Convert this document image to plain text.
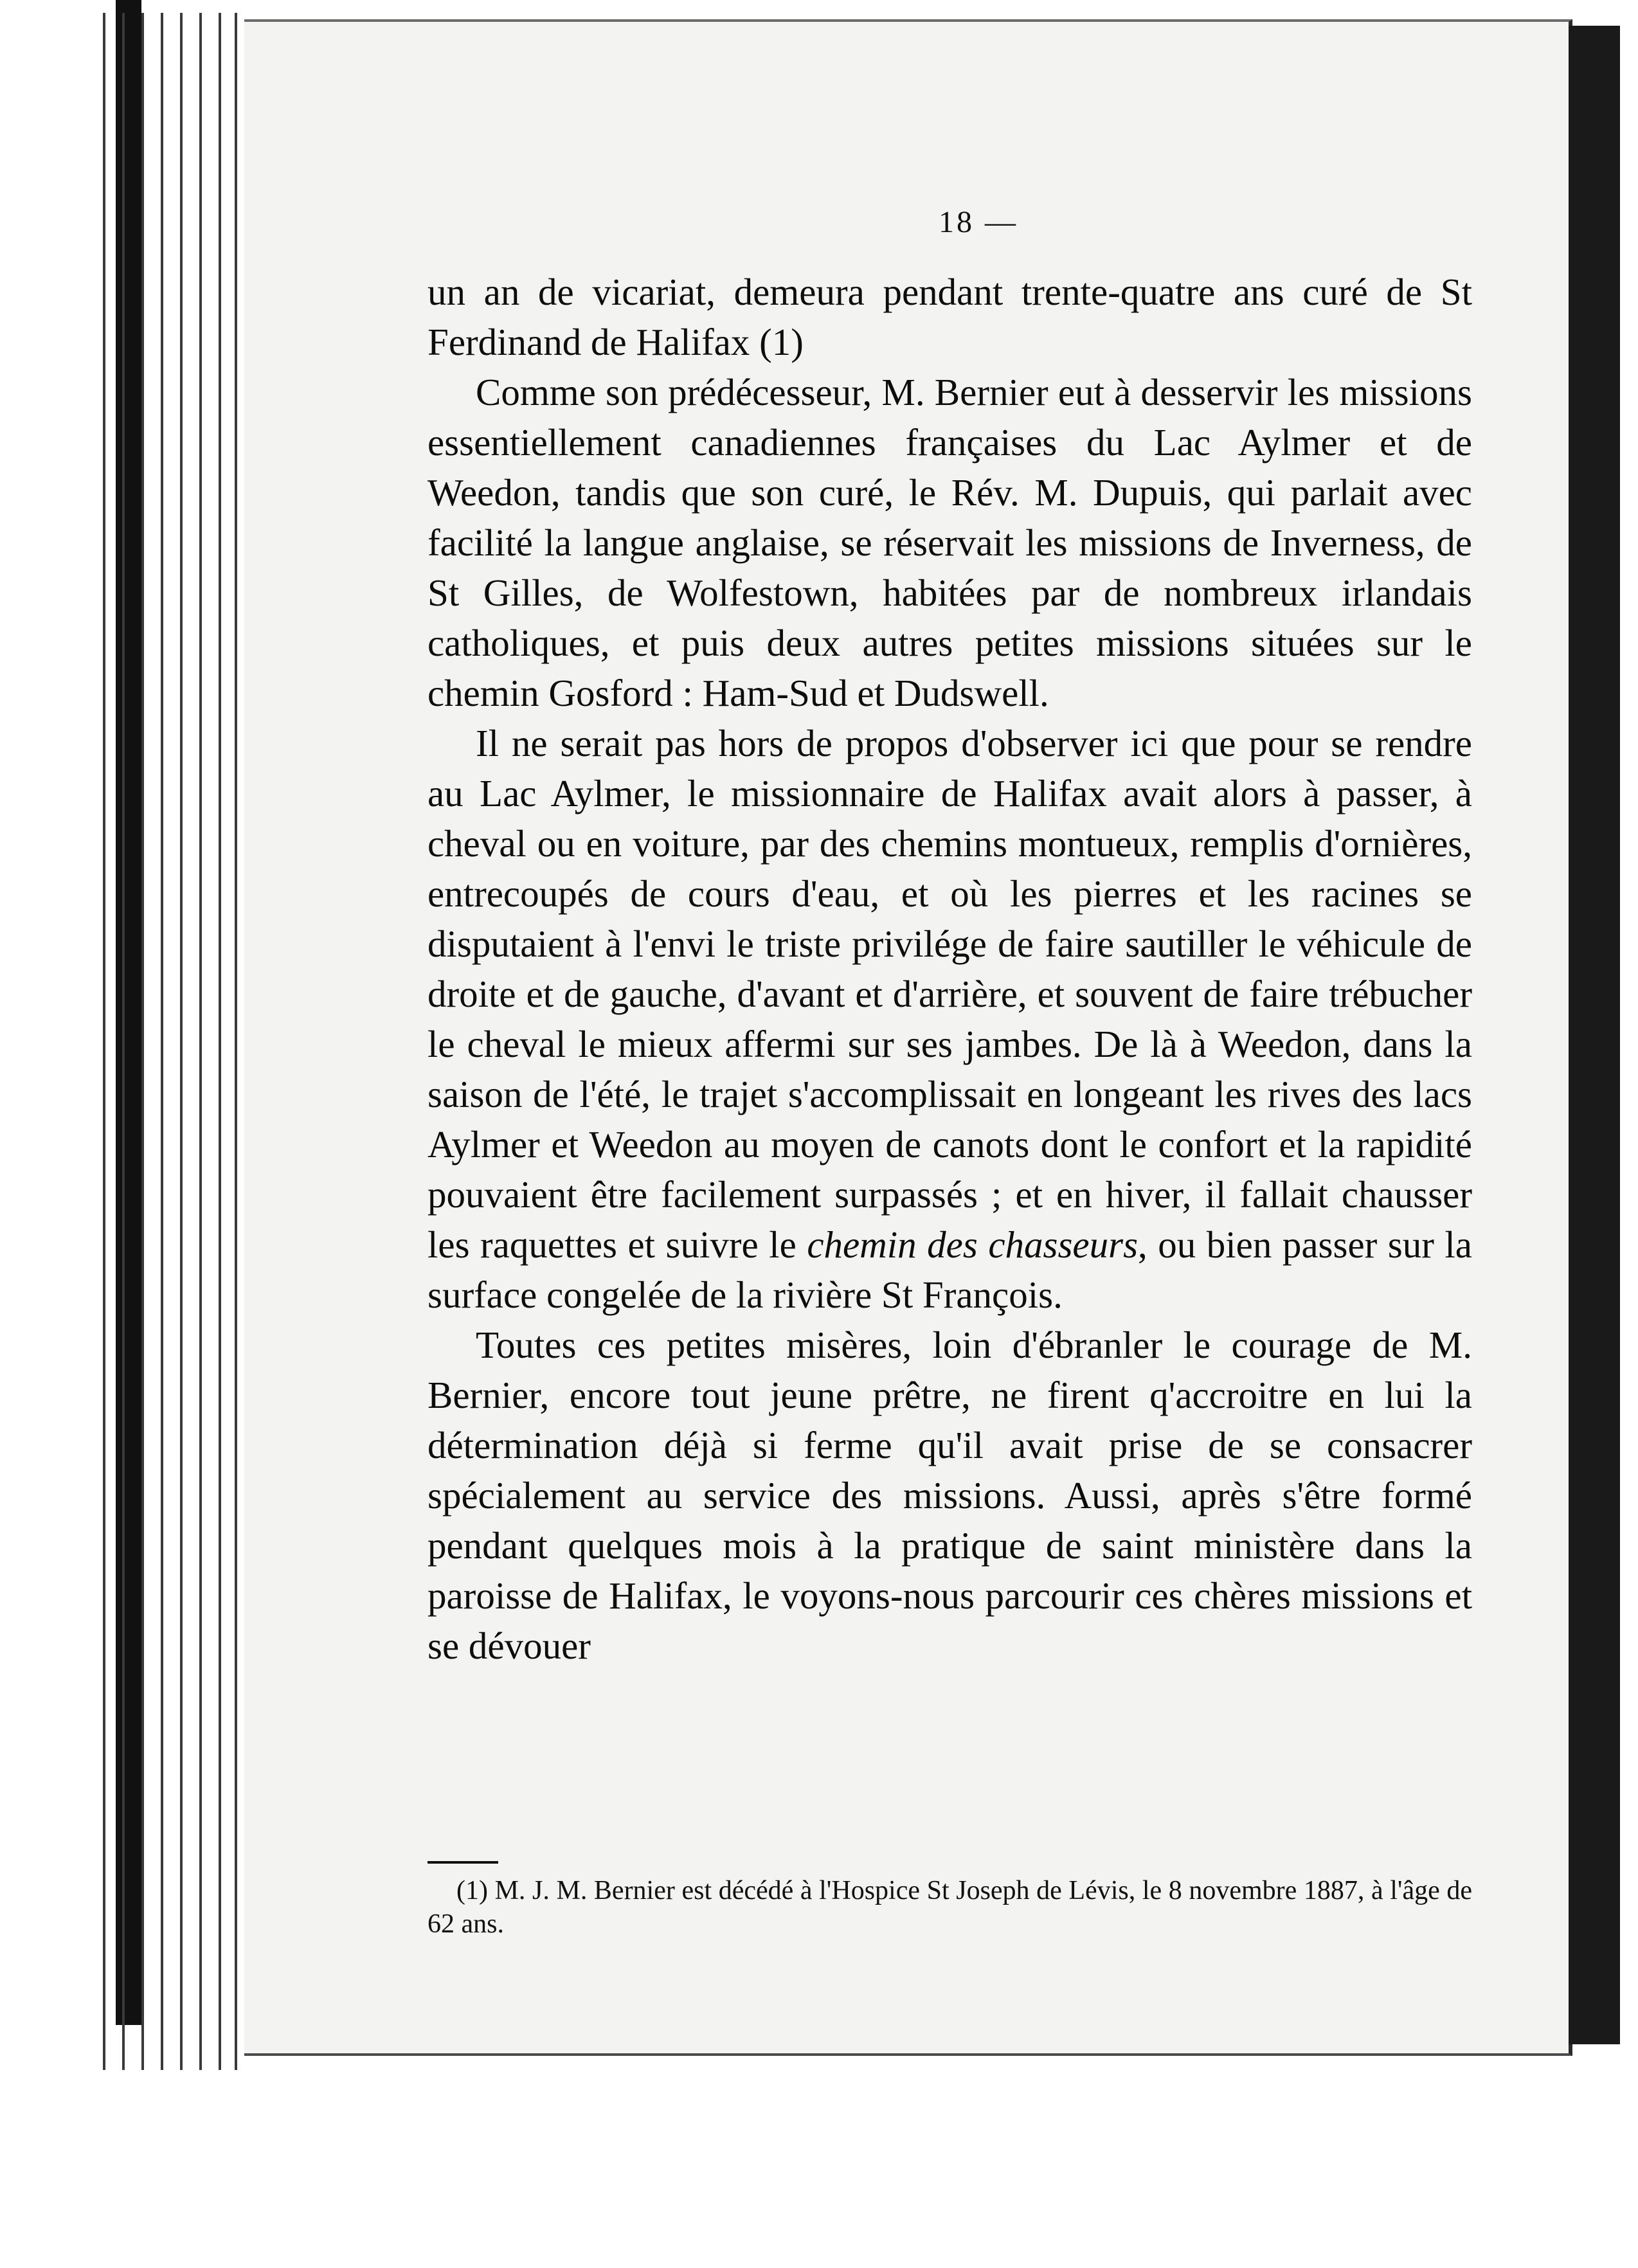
18 —

un an de vicariat, demeura pendant trente-quatre ans curé de St Ferdinand de Halifax (1)

Comme son prédécesseur, M. Bernier eut à desservir les missions essentiellement canadiennes françaises du Lac Aylmer et de Weedon, tandis que son curé, le Rév. M. Dupuis, qui parlait avec facilité la langue anglaise, se réservait les missions de Inverness, de St Gilles, de Wolfestown, habitées par de nombreux irlandais catholiques, et puis deux autres petites missions situées sur le chemin Gosford : Ham-Sud et Dudswell.

Il ne serait pas hors de propos d'observer ici que pour se rendre au Lac Aylmer, le missionnaire de Halifax avait alors à passer, à cheval ou en voiture, par des chemins montueux, remplis d'ornières, entrecoupés de cours d'eau, et où les pierres et les racines se disputaient à l'envi le triste privilége de faire sautiller le véhicule de droite et de gauche, d'avant et d'arrière, et souvent de faire trébucher le cheval le mieux affermi sur ses jambes. De là à Weedon, dans la saison de l'été, le trajet s'accomplissait en longeant les rives des lacs Aylmer et Weedon au moyen de canots dont le confort et la rapidité pouvaient être facilement surpassés ; et en hiver, il fallait chausser les raquettes et suivre le chemin des chasseurs, ou bien passer sur la surface congelée de la rivière St François.

Toutes ces petites misères, loin d'ébranler le courage de M. Bernier, encore tout jeune prêtre, ne firent q'accroitre en lui la détermination déjà si ferme qu'il avait prise de se consacrer spécialement au service des missions. Aussi, après s'être formé pendant quelques mois à la pratique de saint ministère dans la paroisse de Halifax, le voyons-nous parcourir ces chères missions et se dévouer

(1) M. J. M. Bernier est décédé à l'Hospice St Joseph de Lévis, le 8 novembre 1887, à l'âge de 62 ans.
